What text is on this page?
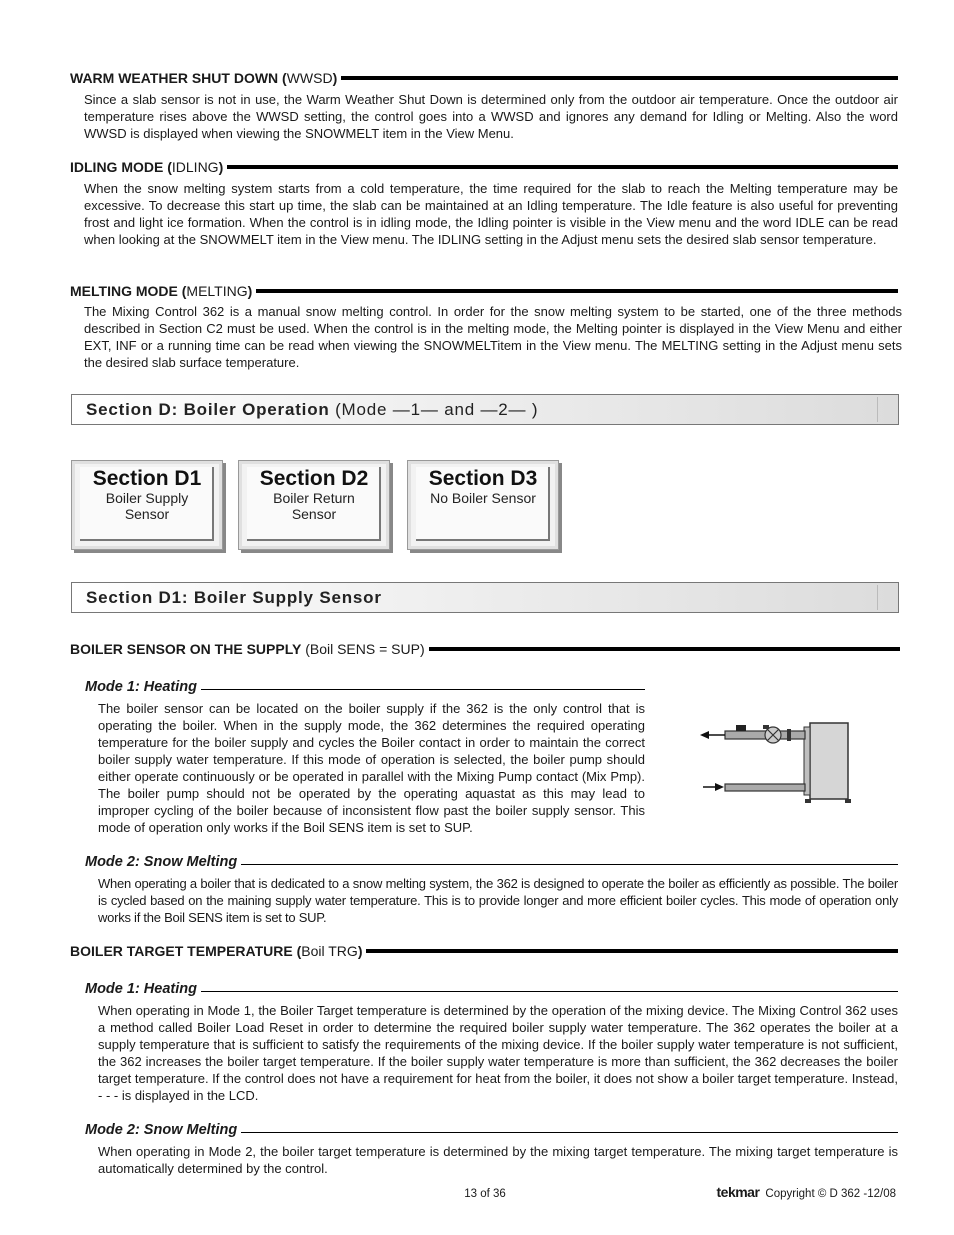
WARM WEATHER SHUT DOWN (WWSD)
Since a slab sensor is not in use, the Warm Weather Shut Down is determined only from the outdoor air temperature. Once the outdoor air temperature rises above the WWSD setting, the control goes into a WWSD and ignores any demand for Idling or Melting. Also the word WWSD is displayed when viewing the SNOWMELT item in the View Menu.
IDLING MODE (IDLING)
When the snow melting system starts from a cold temperature, the time required for the slab to reach the Melting temperature may be excessive. To decrease this start up time, the slab can be maintained at an Idling temperature. The Idle feature is also useful for preventing frost and light ice formation. When the control is in idling mode, the Idling pointer is visible in the View menu and the word IDLE can be read when looking at the SNOWMELT item in the View menu. The IDLING setting in the Adjust menu sets the desired slab sensor temperature.
MELTING MODE (MELTING)
The Mixing Control 362 is a manual snow melting control. In order for the snow melting system to be started, one of the three methods described in Section C2 must be used. When the control is in the melting mode, the Melting pointer is displayed in the View Menu and either EXT, INF or a running time can be read when viewing the SNOWMELTitem in the View menu. The MELTING setting in the Adjust menu sets the desired slab surface temperature.
Section D: Boiler Operation (Mode —1— and —2— )
Section D1
Boiler Supply Sensor
Section D2
Boiler Return Sensor
Section D3
No Boiler Sensor
Section D1: Boiler Supply Sensor
BOILER SENSOR ON THE SUPPLY (Boil SENS = SUP)
Mode 1: Heating
The boiler sensor can be located on the boiler supply if the 362 is the only control that is operating the boiler. When in the supply mode, the 362 determines the required operating temperature for the boiler supply and cycles the Boiler contact in order to maintain the correct boiler supply water temperature. If this mode of operation is selected, the boiler pump should either operate continuously or be operated in parallel with the Mixing Pump contact (Mix Pmp). The boiler pump should not be operated by the operating aquastat as this may lead to improper cycling of the boiler because of inconsistent flow past the boiler supply sensor. This mode of operation only works if the Boil SENS item is set to SUP.
Mode 2: Snow Melting
When operating a boiler that is dedicated to a snow melting system, the 362 is designed to operate the boiler as efficiently as possible. The boiler is cycled based on the maining supply water temperature. This is to provide longer and more efficient boiler cycles. This mode of operation only works if the Boil SENS item is set to SUP.
BOILER TARGET TEMPERATURE (Boil TRG)
Mode 1: Heating
When operating in Mode 1, the Boiler Target temperature is determined by the operation of the mixing device. The Mixing Control 362 uses a method called Boiler Load Reset in order to determine the required boiler supply water temperature. The 362 operates the boiler at a supply temperature that is sufficient to satisfy the requirements of the mixing device. If the boiler supply water temperature is not sufficient, the 362 increases the boiler target temperature. If the boiler supply water temperature is more than sufficient, the 362 decreases the boiler target temperature. If the control does not have a requirement for heat from the boiler, it does not show a boiler target temperature. Instead, - - - is displayed in the LCD.
Mode 2: Snow Melting
When operating in Mode 2, the boiler target temperature is determined by the mixing target temperature. The mixing target temperature is automatically determined by the control.
13 of 36	tekmar Copyright © D 362 -12/08
